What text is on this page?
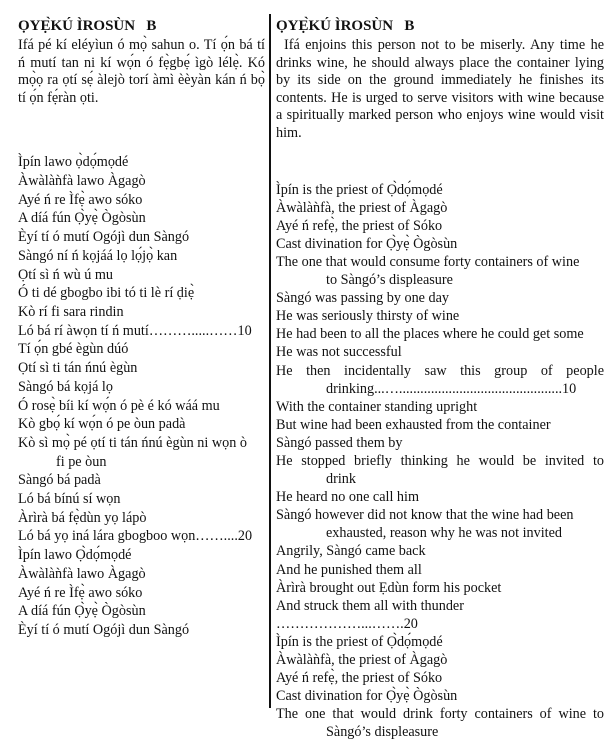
ỌYẸ̀KÚ ÌROSÙN   B

Ifá pé kí eléyìun ó mọ̀ sahun o. Tí ọ́n bá tí ń mutí tan ni kí wọ́n ó fẹ̀gbẹ́ ìgò lélẹ̀. Kó mọ̀ọ ra ọtí sẹ́ àlejò torí àmì èèyàn kán ń bọ̀ tí ọ́n fẹ́ràn ọti.

Ìpín lawo ọ̀dọ́mọdé
Àwàlàǹfà lawo Àgagò
Ayé ń re Ìfẹ̀ awo sóko
A díá fún Ọ̀yẹ̀ Ògòsùn
Èyí tí ó mutí Ogójì dun Sàngó
Sàngó ní ń kọjáá lọ lọ́jọ̀ kan
Ọtí sì ń wù ú mu
Ó ti dé gbogbo ibi tó ti lè rí ḍiẹ̀
Kò rí fi sara rindin
Ló bá rí àwọn tí ń mutí……….....……10
Tí ọ́n gbé ègùn dúó
Ọtí sì ti tán ńnú ègùn
Sàngó bá kọjá lọ
Ó rosẹ̀ bíi kí wọ́n ó pè é kó wáá mu
Kò gbọ́ kí wọ́n ó pe òun padà
Kò sì mọ̀ pé ọtí ti tán ńnú ègùn ni wọn ò
fi pe òun
Sàngó bá padà
Ló bá bínú sí wọn
Àrìrà bá fẹ̀dùn yọ lápò
Ló bá yọ iná lára gbogboo wọn……....20
Ìpín lawo Ọ̀dọ́mọdé
Àwàlàǹfà lawo Àgagò
Ayé ń re Ìfẹ̀ awo sóko
A díá fún Ọ̀yẹ̀ Ògòsùn
Èyí tí ó mutí Ogójì dun Sàngó
ỌYẸ̀KÚ ÌROSÙN   B

Ifá enjoins this person not to be miserly. Any time he drinks wine, he should always place the container lying by its side on the ground immediately he finishes its contents. He is urged to serve visitors with wine because a spiritually marked person who enjoys wine would visit him.

Ìpín is the priest of Ọ̀dọ́mọdé
Àwàlàǹfà, the priest of Àgagò
Ayé ń refẹ̀, the priest of Sóko
Cast divination for Ọ̀yẹ̀ Ògòsùn
The one that would consume forty containers of wine
to Sàngó’s displeasure
Sàngó was passing by one day
He was seriously thirsty of wine
He had been to all the places where he could get some
He was not successful
He then incidentally saw this group of people
drinking...…..............................................10
With the container standing upright
But wine had been exhausted from the container
Sàngó passed them by
He stopped briefly thinking he would be invited to
drink
He heard no one call him
Sàngó however did not know that the wine had been
exhausted, reason why he was not invited
Angrily, Sàngó came back
And he punished them all
Àrìrà brought out Ẹdùn form his pocket
And struck them all with thunder ………………...…….20
Ìpín is the priest of Ọ̀dọ́mọdé
Àwàlàǹfà, the priest of Àgagò
Ayé ń refẹ̀, the priest of Sóko
Cast divination for Ọ̀yẹ̀ Ògòsùn
The one that would drink forty containers of wine to
Sàngó’s displeasure
